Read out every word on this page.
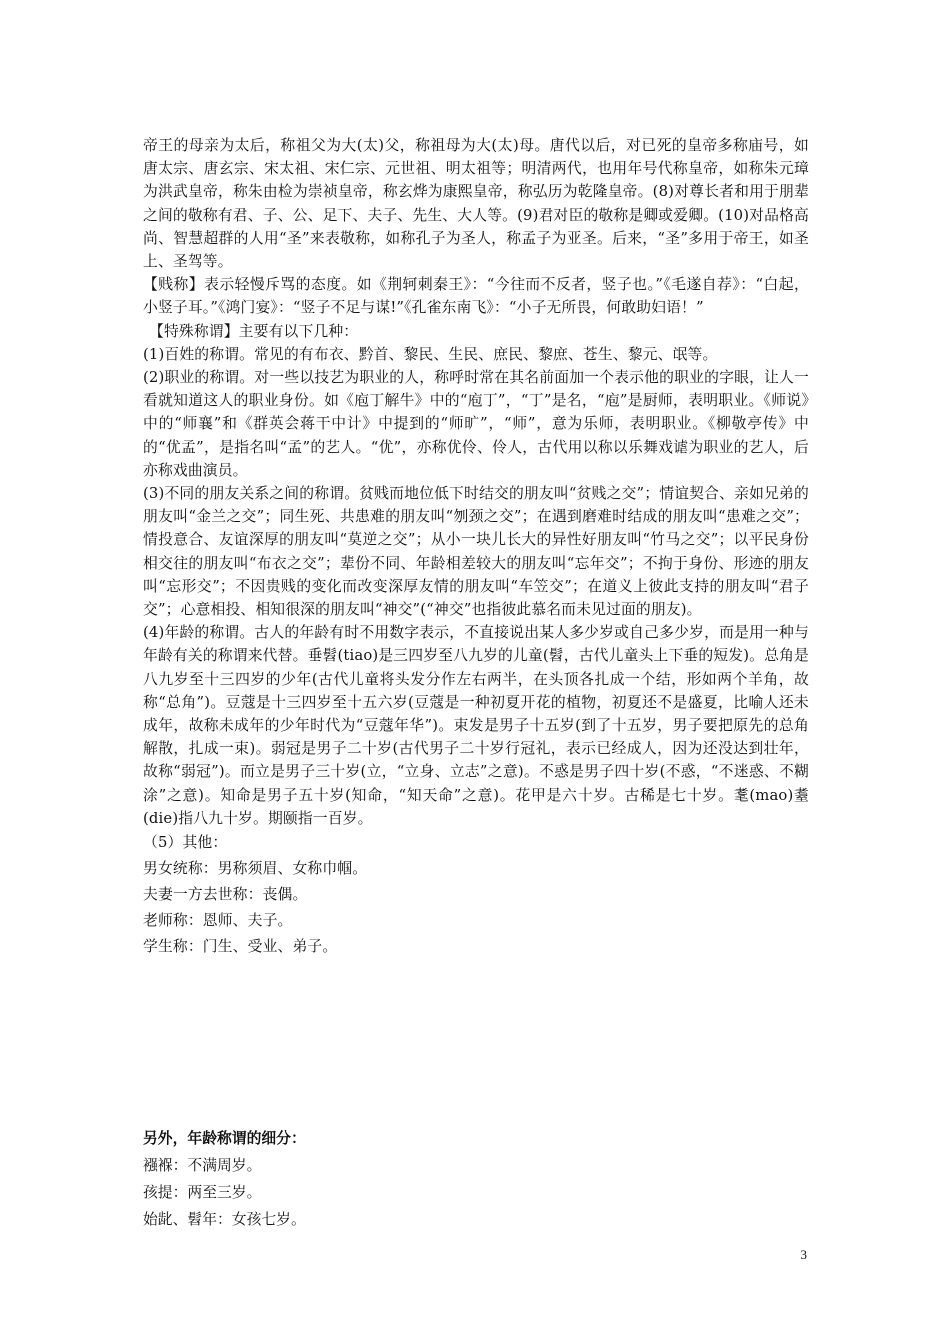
帝王的母亲为太后，称祖父为大(太)父，称祖母为大(太)母。唐代以后，对已死的皇帝多称庙号，如唐太宗、唐玄宗、宋太祖、宋仁宗、元世祖、明太祖等；明清两代，也用年号代称皇帝，如称朱元璋为洪武皇帝，称朱由检为崇祯皇帝，称玄烨为康熙皇帝，称弘历为乾隆皇帝。(8)对尊长者和用于朋辈之间的敬称有君、子、公、足下、夫子、先生、大人等。(9)君对臣的敬称是卿或爱卿。(10)对品格高尚、智慧超群的人用“圣”来表敬称，如称孔子为圣人，称孟子为亚圣。后来，“圣”多用于帝王，如圣上、圣驾等。

【贱称】表示轻慢斥骂的态度。如《荆轲刺秦王》：“今往而不反者，竖子也。”《毛遂自荐》：“白起，小竖子耳。”《鸿门宴》：“竖子不足与谋!”《孔雀东南飞》：“小子无所畏，何敢助妇语！”

【特殊称谓】主要有以下几种：

(1)百姓的称谓。常见的有布衣、黔首、黎民、生民、庶民、黎庶、苍生、黎元、氓等。

(2)职业的称谓。对一些以技艺为职业的人，称呼时常在其名前面加一个表示他的职业的字眼，让人一看就知道这人的职业身份。如《庖丁解牛》中的“庖丁”，“丁”是名，“庖”是厨师，表明职业。《师说》中的“师襄”和《群英会蒋干中计》中提到的“师旷”，“师”，意为乐师，表明职业。《柳敬亭传》中的“优孟”，是指名叫“孟”的艺人。“优”，亦称优伶、伶人，古代用以称以乐舞戏谑为职业的艺人，后亦称戏曲演员。

(3)不同的朋友关系之间的称谓。贫贱而地位低下时结交的朋友叫“贫贱之交”；情谊契合、亲如兄弟的朋友叫“金兰之交”；同生死、共患难的朋友叫“刎颈之交”；在遇到磨难时结成的朋友叫“患难之交”；情投意合、友谊深厚的朋友叫“莫逆之交”；从小一块儿长大的异性好朋友叫“竹马之交”；以平民身份相交往的朋友叫“布衣之交”；辈份不同、年龄相差较大的朋友叫“忘年交”；不拘于身份、形迹的朋友叫“忘形交”；不因贵贱的变化而改变深厚友情的朋友叫“车笠交”；在道义上彼此支持的朋友叫“君子交”；心意相投、相知很深的朋友叫“神交”(“神交”也指彼此慕名而未见过面的朋友)。

(4)年龄的称谓。古人的年龄有时不用数字表示，不直接说出某人多少岁或自己多少岁，而是用一种与年龄有关的称谓来代替。垂髫(tiao)是三四岁至八九岁的儿童(髫，古代儿童头上下垂的短发)。总角是八九岁至十三四岁的少年(古代儿童将头发分作左右两半，在头顶各扎成一个结，形如两个羊角，故称“总角”)。豆蔻是十三四岁至十五六岁(豆蔻是一种初夏开花的植物，初夏还不是盛夏，比喻人还未成年，故称未成年的少年时代为“豆蔻年华”)。束发是男子十五岁(到了十五岁，男子要把原先的总角解散，扎成一束)。弱冠是男子二十岁(古代男子二十岁行冠礼，表示已经成人，因为还没达到壮年，故称“弱冠”)。而立是男子三十岁(立，“立身、立志”之意)。不惑是男子四十岁(不惑，“不迷惑、不糊涂”之意)。知命是男子五十岁(知命，“知天命”之意)。花甲是六十岁。古稀是七十岁。耄(mao)耋(die)指八九十岁。期颐指一百岁。

（5）其他：

男女统称：男称须眉、女称巾帼。

夫妻一方去世称：丧偶。

老师称：恩师、夫子。

学生称：门生、受业、弟子。

另外，年龄称谓的细分：

襁褓：不满周岁。

孩提：两至三岁。

始龀、髫年：女孩七岁。

3
